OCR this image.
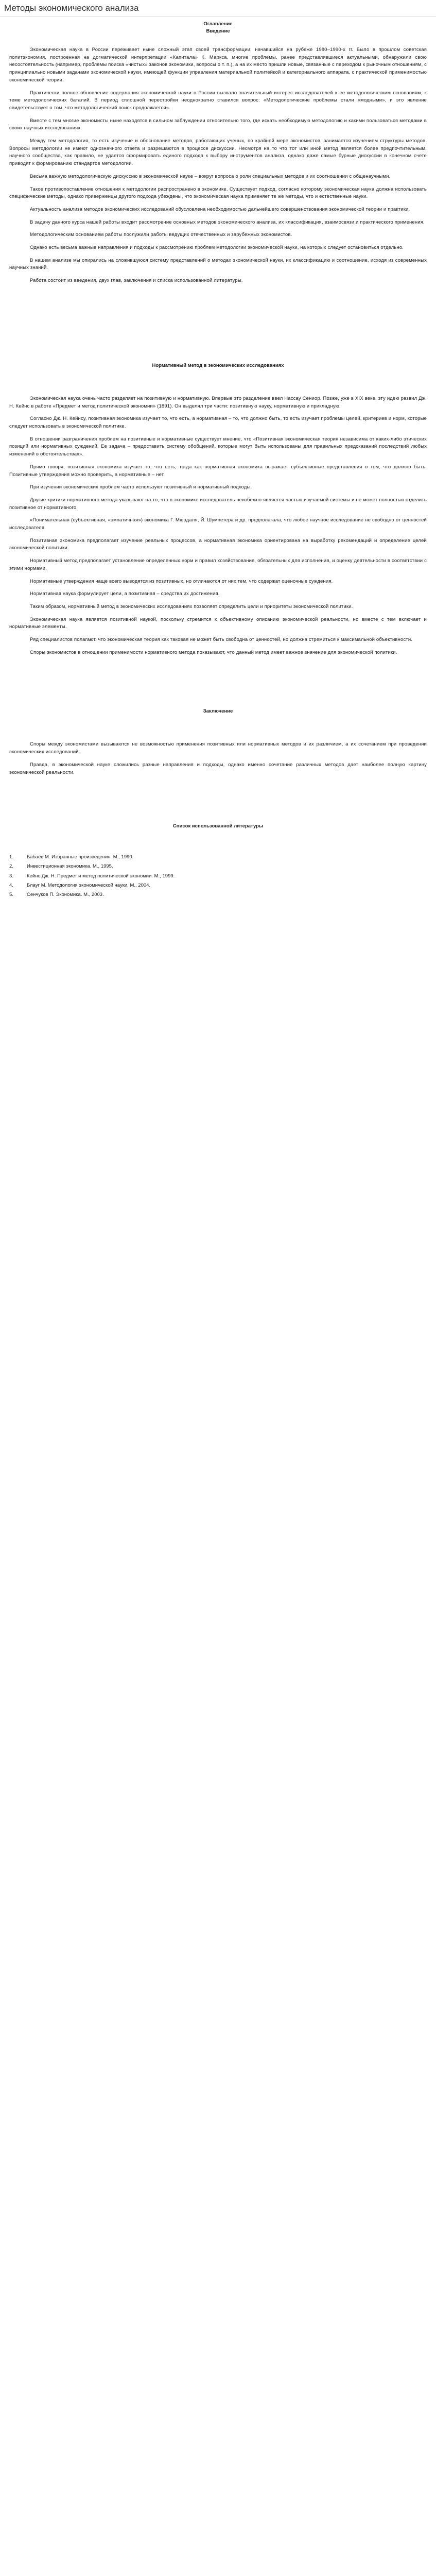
Методы экономического анализа

Оглавление

Введение

Экономическая наука в России переживает ныне сложный этап своей трансформации, начавшийся на рубеже 1980–1990-х гг. Было в прошлом советская политэкономия, построенная на догматической интерпретации «Капитала» К. Маркса, многие проблемы, ранее представлявшиеся актуальными, обнаружили свою несостоятельность (например, проблемы поиска «чистых» законов экономики, вопросы о т. п.), а на их место пришли новые, связанные с переходом к рыночным отношениям, с принципиально новыми задачами экономической науки, имеющей функции управления материальной политейкой и категориального аппарата, с практической применимостью экономической теории.

Практически полное обновление содержания экономической науки в России вызвало значительный интерес исследователей к ее методологическим основаниям, к теме методологических баталий. В период сплошной перестройки неоднократно ставился вопрос: «Методологические проблемы стали «модными», и это явление свидетельствует о том, что методологический поиск продолжается».

Вместе с тем многие экономисты ныне находятся в сильном заблуждении относительно того, где искать необходимую методологию и какими пользоваться методами в своих научных исследованиях.

Между тем методология, то есть изучение и обоснование методов, работающих ученых, по крайней мере экономистов, занимается изучением структуры методов. Вопросы методологии не имеют однозначного ответа и разрешаются в процессе дискуссии. Несмотря на то что тот или иной метод является более предпочтительным, научного сообщества, как правило, не удается сформировать единого подхода к выбору инструментов анализа, однако даже самые бурные дискуссии в конечном счете приводят к формированию стандартов методологии.

Весьма важную методологическую дискуссию в экономической науке – вокруг вопроса о роли специальных методов и их соотношении с общенаучными.

Такое противопоставление отношения к методологии распространено в экономике. Существует подход, согласно которому экономическая наука должна использовать специфические методы, однако приверженцы другого подхода убеждены, что экономическая наука применяет те же методы, что и естественные науки.

Актуальность анализа методов экономических исследований обусловлена необходимостью дальнейшего совершенствования экономической теории и практики.

В задачу данного курса нашей работы входит рассмотрение основных методов экономического анализа, их классификация, взаимосвязи и практического применения.

Методологическим основанием работы послужили работы ведущих отечественных и зарубежных экономистов.

Однако есть весьма важные направления и подходы к рассмотрению проблем методологии экономической науки, на которых следует остановиться отдельно.

В нашем анализе мы опирались на сложившуюся систему представлений о методах экономической науки, их классификацию и соотношение, исходя из современных научных знаний.

Работа состоит из введения, двух глав, заключения и списка использованной литературы.

Нормативный метод в экономических исследованиях

Экономическая наука очень часто разделяет на позитивную и нормативную. Впервые это разделение ввел Нассау Сениор. Позже, уже в XIX веке, эту идею развил Дж. Н. Кейнс в работе «Предмет и метод политической экономии» (1891). Он выделял три части: позитивную науку, нормативную и прикладную.

Согласно Дж. Н. Кейнсу, позитивная экономика изучает то, что есть, а нормативная – то, что должно быть, то есть изучает проблемы целей, критериев и норм, которые следует использовать в экономической политике.

В отношении разграничения проблем на позитивные и нормативные существует мнение, что «Позитивная экономическая теория независима от каких-либо этических позиций или нормативных суждений. Ее задача – предоставить систему обобщений, которые могут быть использованы для правильных предсказаний последствий любых изменений в обстоятельствах».

Прямо говоря, позитивная экономика изучает то, что есть, тогда как нормативная экономика выражает субъективные представления о том, что должно быть. Позитивные утверждения можно проверить, а нормативные – нет.

При изучении экономических проблем часто используют позитивный и нормативный подходы.

Другие критики нормативного метода указывают на то, что в экономике исследователь неизбежно является частью изучаемой системы и не может полностью отделить позитивное от нормативного.

«Понимательная (субъективная, «эмпатичная») экономика Г. Мюрдаля, Й. Шумпетера и др. предполагала, что любое научное исследование не свободно от ценностей исследователя.

Позитивная экономика предполагает изучение реальных процессов, а нормативная экономика ориентирована на выработку рекомендаций и определение целей экономической политики.

Нормативный метод предполагает установление определенных норм и правил хозяйствования, обязательных для исполнения, и оценку деятельности в соответствии с этими нормами.

Нормативные утверждения чаще всего выводятся из позитивных, но отличаются от них тем, что содержат оценочные суждения.

Нормативная наука формулирует цели, а позитивная – средства их достижения.

Таким образом, нормативный метод в экономических исследованиях позволяет определить цели и приоритеты экономической политики.

Экономическая наука является позитивной наукой, поскольку стремится к объективному описанию экономической реальности, но вместе с тем включает и нормативные элементы.

Ряд специалистов полагают, что экономическая теория как таковая не может быть свободна от ценностей, но должна стремиться к максимальной объективности.

Споры экономистов в отношении применимости нормативного метода показывают, что данный метод имеет важное значение для экономической политики.

Заключение

Споры между экономистами вызываются не возможностью применения позитивных или нормативных методов и их различием, а их сочетанием при проведении экономических исследований.

Правда, в экономической науке сложились разные направления и подходы, однако именно сочетание различных методов дает наиболее полную картину экономической реальности.

Список использованной литературы

1.	Бабаев М. Избранные произведения. М., 1990.
2.	Инвестиционная экономика. М., 1995.
3.	Кейнс Дж. Н. Предмет и метод политической экономии. М., 1999.
4.	Блауг М. Методология экономической науки. М., 2004.
5.	Сенчуков П. Экономика. М., 2003.
